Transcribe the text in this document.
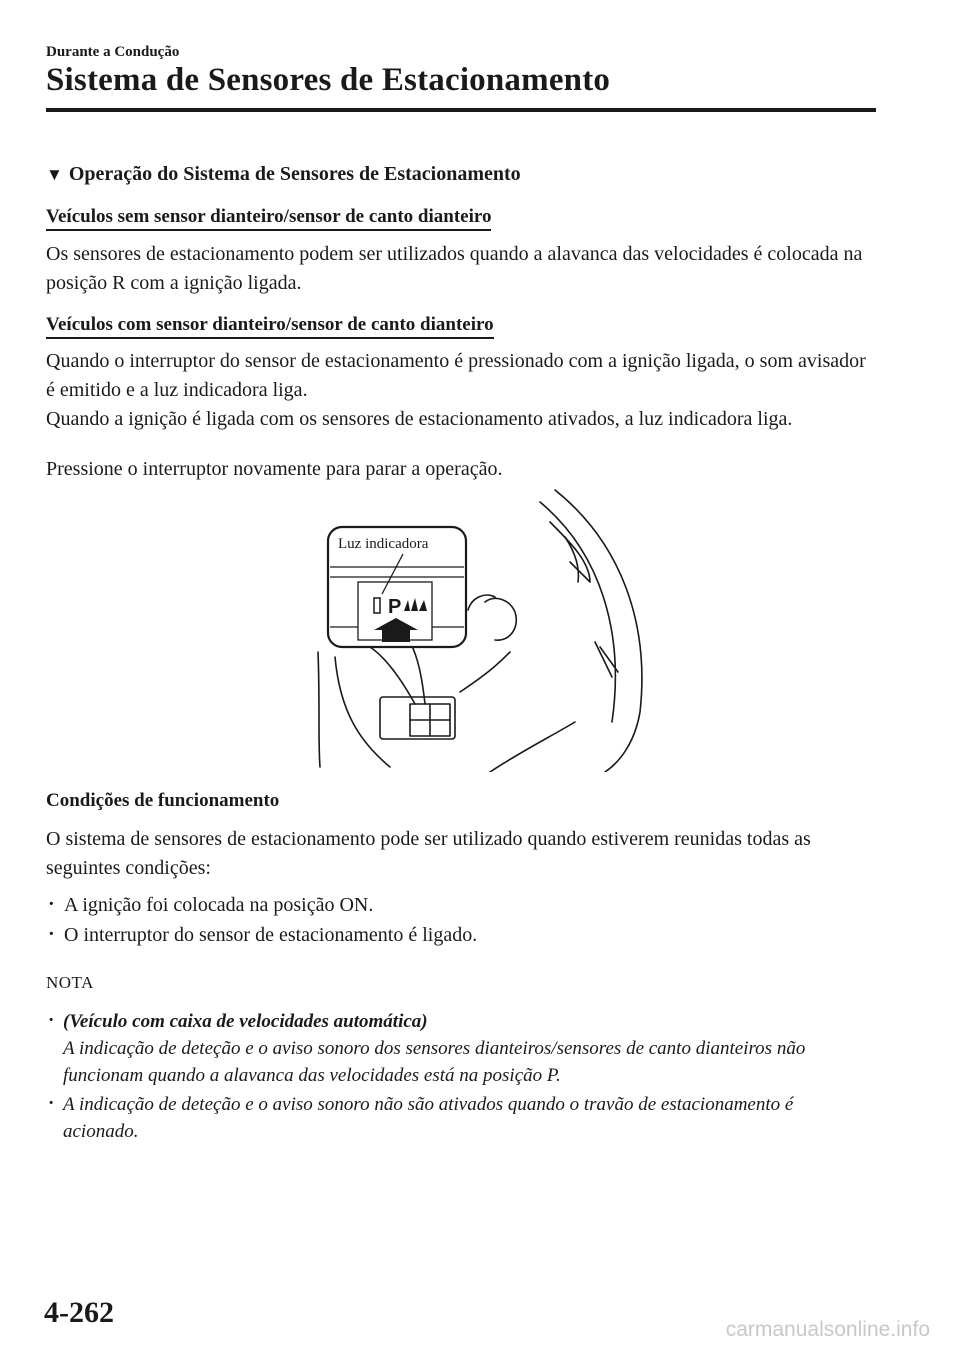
Durante a Condução
Sistema de Sensores de Estacionamento
▼ Operação do Sistema de Sensores de Estacionamento
Veículos sem sensor dianteiro/sensor de canto dianteiro

Os sensores de estacionamento podem ser utilizados quando a alavanca das velocidades é colocada na posição R com a ignição ligada.

Veículos com sensor dianteiro/sensor de canto dianteiro

Quando o interruptor do sensor de estacionamento é pressionado com a ignição ligada, o som avisador é emitido e a luz indicadora liga.

Quando a ignição é ligada com os sensores de estacionamento ativados, a luz indicadora liga.

Pressione o interruptor novamente para parar a operação.

P
Luz indicadora
Condições de funcionamento

O sistema de sensores de estacionamento pode ser utilizado quando estiverem reunidas todas as seguintes condições:

· A ignição foi colocada na posição ON.
· O interruptor do sensor de estacionamento é ligado.
NOTA
· (Veículo com caixa de velocidades automática)
A indicação de deteção e o aviso sonoro dos sensores dianteiros/sensores de canto dianteiros não funcionam quando a alavanca das velocidades está na posição P.
· A indicação de deteção e o aviso sonoro não são ativados quando o travão de estacionamento é acionado.
4-262
carmanualsonline.info
